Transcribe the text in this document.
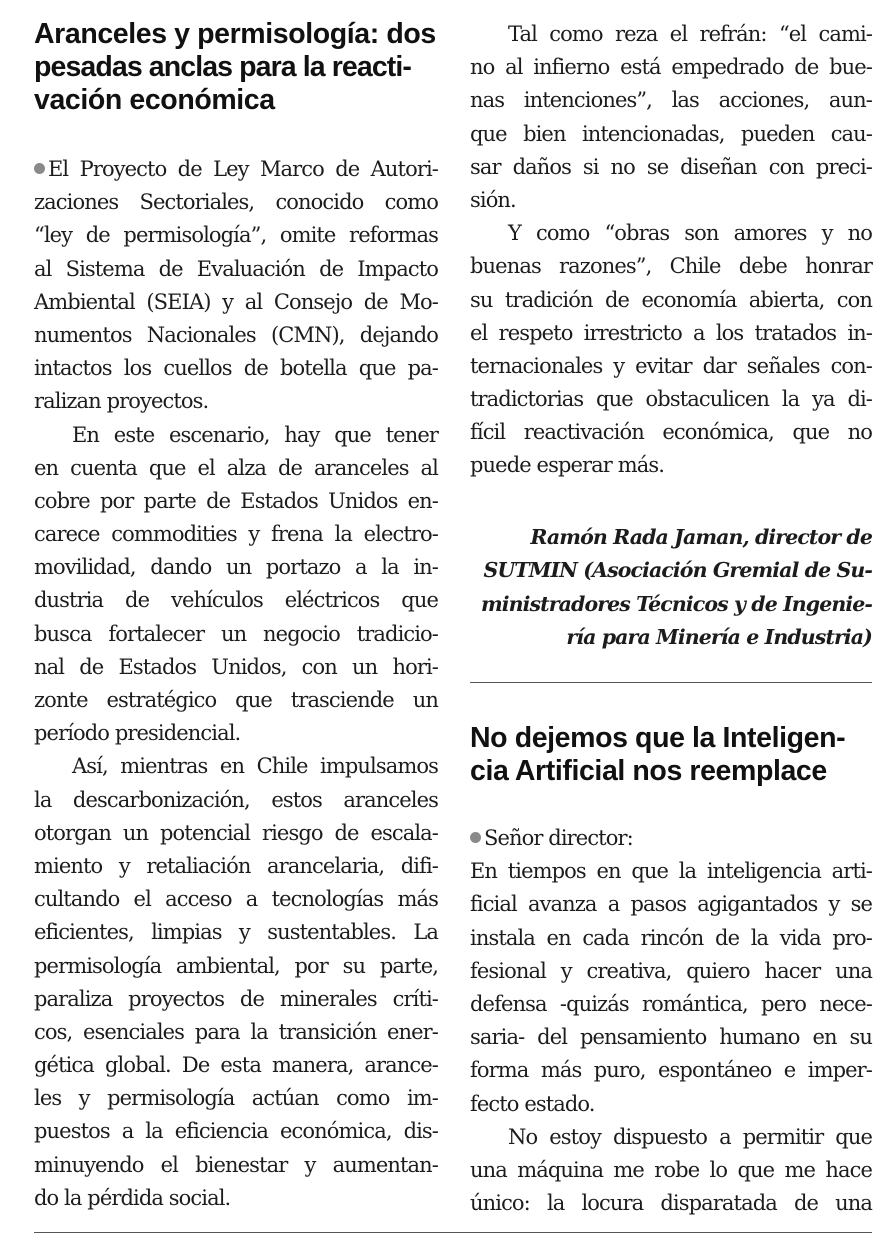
Aranceles y permisología: dos
pesadas anclas para la reacti-
vación económica
El Proyecto de Ley Marco de Autori-
zaciones Sectoriales, conocido como
“ley de permisología”, omite reformas
al Sistema de Evaluación de Impacto
Ambiental (SEIA) y al Consejo de Mo-
numentos Nacionales (CMN), dejando
intactos los cuellos de botella que pa-
ralizan proyectos.
En este escenario, hay que tener
en cuenta que el alza de aranceles al
cobre por parte de Estados Unidos en-
carece commodities y frena la electro-
movilidad, dando un portazo a la in-
dustria de vehículos eléctricos que
busca fortalecer un negocio tradicio-
nal de Estados Unidos, con un hori-
zonte estratégico que trasciende un
período presidencial.
Así, mientras en Chile impulsamos
la descarbonización, estos aranceles
otorgan un potencial riesgo de escala-
miento y retaliación arancelaria, difi-
cultando el acceso a tecnologías más
eficientes, limpias y sustentables. La
permisología ambiental, por su parte,
paraliza proyectos de minerales críti-
cos, esenciales para la transición ener-
gética global. De esta manera, arance-
les y permisología actúan como im-
puestos a la eficiencia económica, dis-
minuyendo el bienestar y aumentan-
do la pérdida social.
Tal como reza el refrán: “el cami-
no al infierno está empedrado de bue-
nas intenciones”, las acciones, aun-
que bien intencionadas, pueden cau-
sar daños si no se diseñan con preci-
sión.
Y como “obras son amores y no
buenas razones”, Chile debe honrar
su tradición de economía abierta, con
el respeto irrestricto a los tratados in-
ternacionales y evitar dar señales con-
tradictorias que obstaculicen la ya di-
fícil reactivación económica, que no
puede esperar más.
Ramón Rada Jaman, director de
SUTMIN (Asociación Gremial de Su-
ministradores Técnicos y de Ingenie-
ría para Minería e Industria)
No dejemos que la Inteligen-
cia Artificial nos reemplace
Señor director:
En tiempos en que la inteligencia arti-
ficial avanza a pasos agigantados y se
instala en cada rincón de la vida pro-
fesional y creativa, quiero hacer una
defensa -quizás romántica, pero nece-
saria- del pensamiento humano en su
forma más puro, espontáneo e imper-
fecto estado.
No estoy dispuesto a permitir que
una máquina me robe lo que me hace
único: la locura disparatada de una
